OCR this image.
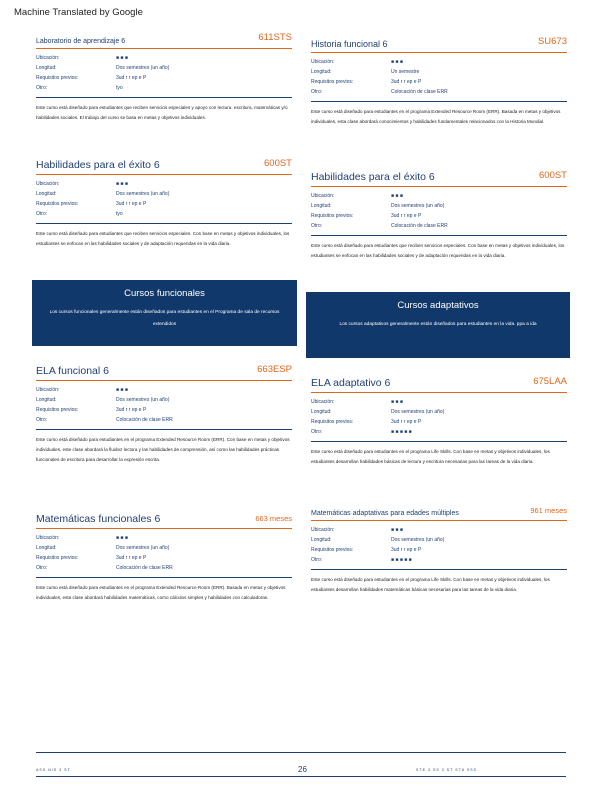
Machine Translated by Google
Laboratorio de aprendizaje 6	611STS
Ubicación:	■ ■ ■
Longitud:	Dos semestres (un año)
Requisitos previos:	3ud r r ep e P
Otro:	tyo
Este curso está diseñado para estudiantes que reciben servicios especiales y apoyo con lectura, escritura, matemáticas y/o habilidades sociales. El trabajo del curso se basa en metas y objetivos individuales.
Habilidades para el éxito 6	600ST
Ubicación:	■ ■ ■
Longitud:	Dos semestres (un año)
Requisitos previos:	3ud r r ep e P
Otro:	tyo
Este curso está diseñado para estudiantes que reciben servicios especiales. Con base en metas y objetivos individuales, los estudiantes se enfocan en las habilidades sociales y de adaptación requeridas en la vida diaria.
Cursos funcionales
Los cursos funcionales generalmente están diseñados para estudiantes en el Programa de sala de recursos extendidos
ELA funcional 6	663ESP
Ubicación:	■ ■ ■
Longitud:	Dos semestres (un año)
Requisitos previos:	3ud r r ep e P
Otro:	Colocación de clase ERR
Este curso está diseñado para estudiantes en el programa Extended Resource Room (ERR). Con base en metas y objetivos individuales, este clase abordará la fluidez lectora y las habilidades de comprensión, así como las habilidades prácticas funcionales de escritura para desarrollar la expresión escrita.
Matemáticas funcionales 6	663 meses
Ubicación:	■ ■ ■
Longitud:	Dos semestres (un año)
Requisitos previos:	3ud r r ep e P
Otro:	Colocación de clase ERR
Este curso está diseñado para estudiantes en el programa Extended Resource Room (ERR). Basada en metas y objetivos individuales, esta clase abordará habilidades matemáticas, como cálculos simples y habilidades con calculadoras.
Historia funcional 6	SU673
Ubicación:	■ ■ ■
Longitud:	Un semestre
Requisitos previos:	3ud r r ep e P
Otro:	Colocación de clase ERR
Este curso está diseñado para estudiantes en el programa Extended Resource Room (ERR). Basada en metas y objetivos individuales, esta clase abordará conocimientos y habilidades fundamentales relacionados con la Historia Mundial.
Habilidades para el éxito 6	600ST
Ubicación:	■ ■ ■
Longitud:	Dos semestres (un año)
Requisitos previos:	3ud r r ep e P
Otro:	Colocación de clase ERR
Este curso está diseñado para estudiantes que reciben servicios especiales. Con base en metas y objetivos individuales, los estudiantes se enfocan en las habilidades sociales y de adaptación requeridas en la vida diaria.
Cursos adaptativos
Los cursos adaptativos generalmente están diseñados para estudiantes en la vida. ppa a ida
ELA adaptativo 6	675LAA
Ubicación:	■ ■ ■
Longitud:	Dos semestres (un año)
Requisitos previos:	3ud r r ep e P
Otro:	■ ■ ■ ■ ■
Este curso está diseñado para estudiantes en el programa Life Skills. Con base en metas y objetivos individuales, los estudiantes desarrollan habilidades básicas de lectura y escritura necesarias para las tareas de la vida diaria.
Matemáticas adaptativas para edades múltiples	961 meses
Ubicación:	■ ■ ■
Longitud:	Dos semestres (un año)
Requisitos previos:	3ud r r ep e P
Otro:	■ ■ ■ ■ ■
Este curso está diseñado para estudiantes en el programa Life Skills. Con base en metas y objetivos individuales, los estudiantes desarrollan habilidades matemáticas básicas necesarias para las tareas de la vida diaria.
ASS NIS 3 ST	26	STE 3 SS 3 ST ST8 SSS
